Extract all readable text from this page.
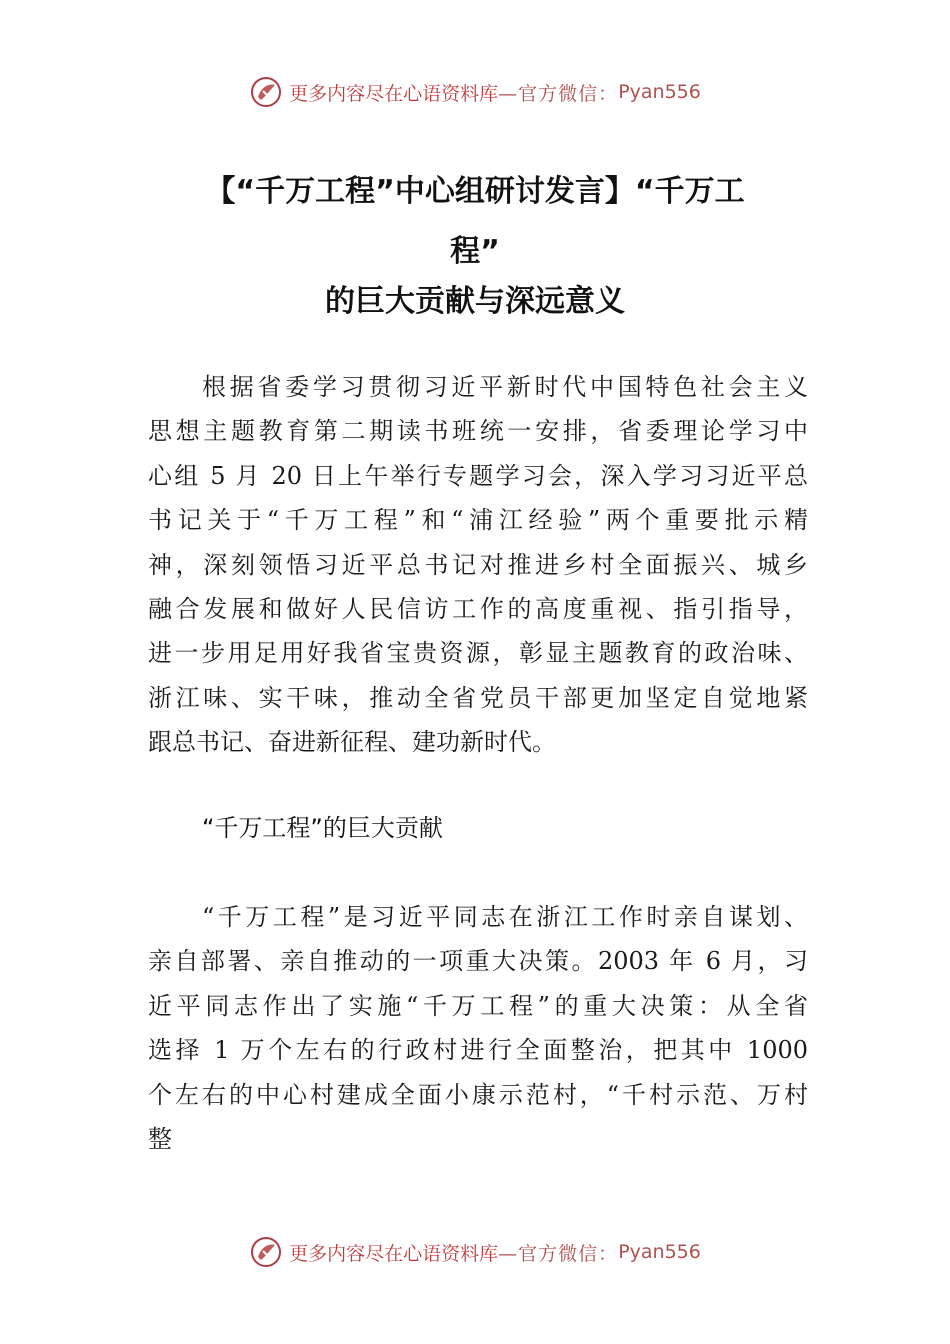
更多内容尽在心语资料库 —官方微信： Pyan556
【“千万工程”中心组研讨发言】“千万工
程”
的巨大贡献与深远意义
根据省委学习贯彻习近平新时代中国特色社会主义
思想主题教育第二期读书班统一安排，省委理论学习中
心组 5 月 20 日上午举行专题学习会，深入学习习近平总
书记关于“千万工程”和“浦江经验”两个重要批示精
神，深刻领悟习近平总书记对推进乡村全面振兴、城乡
融合发展和做好人民信访工作的高度重视、指引指导，
进一步用足用好我省宝贵资源，彰显主题教育的政治味、
浙江味、实干味，推动全省党员干部更加坚定自觉地紧
跟总书记、奋进新征程、建功新时代。
“千万工程”的巨大贡献
“千万工程”是习近平同志在浙江工作时亲自谋划、
亲自部署、亲自推动的一项重大决策。2003 年 6 月，习
近平同志作出了实施“千万工程”的重大决策：从全省
选择 1 万个左右的行政村进行全面整治，把其中 1000
个左右的中心村建成全面小康示范村，“千村示范、万村
整
更多内容尽在心语资料库 —官方微信： Pyan556
